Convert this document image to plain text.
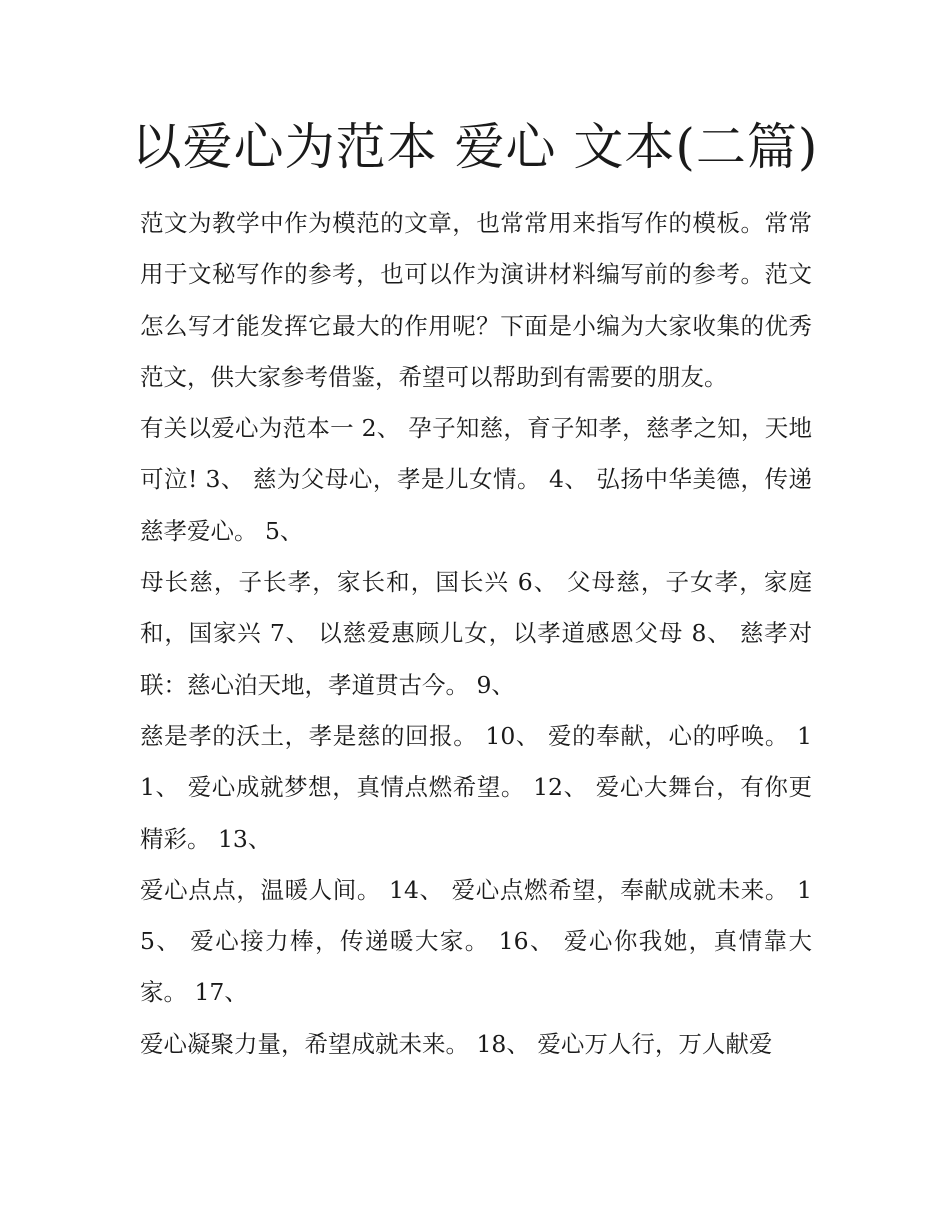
以爱心为范本 爱心 文本(二篇)

范文为教学中作为模范的文章，也常常用来指写作的模板。常常用于文秘写作的参考，也可以作为演讲材料编写前的参考。范文怎么写才能发挥它最大的作用呢？下面是小编为大家收集的优秀范文，供大家参考借鉴，希望可以帮助到有需要的朋友。

有关以爱心为范本一 2、 孕子知慈，育子知孝，慈孝之知，天地可泣! 3、 慈为父母心，孝是儿女情。 4、 弘扬中华美德，传递慈孝爱心。 5、

母长慈，子长孝，家长和，国长兴 6、 父母慈，子女孝，家庭和，国家兴 7、 以慈爱惠顾儿女，以孝道感恩父母 8、 慈孝对联：慈心泊天地，孝道贯古今。 9、

慈是孝的沃土，孝是慈的回报。 10、 爱的奉献，心的呼唤。 11、 爱心成就梦想，真情点燃希望。 12、 爱心大舞台，有你更精彩。 13、

爱心点点，温暖人间。 14、 爱心点燃希望，奉献成就未来。 15、 爱心接力棒，传递暖大家。 16、 爱心你我她，真情靠大家。 17、

爱心凝聚力量，希望成就未来。 18、 爱心万人行，万人献爱
